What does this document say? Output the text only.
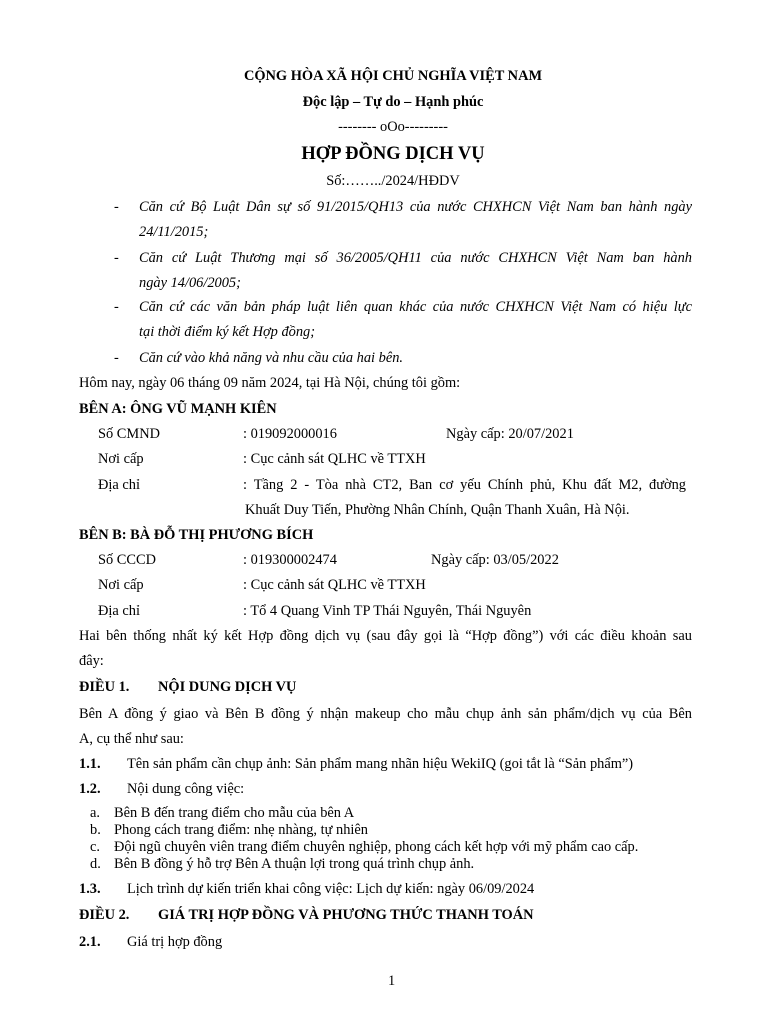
CỘNG HÒA XÃ HỘI CHỦ NGHĨA VIỆT NAM
Độc lập – Tự do – Hạnh phúc
-------- oOo---------
HỢP ĐỒNG DỊCH VỤ
Số:……../2024/HĐDV
- Căn cứ Bộ Luật Dân sự số 91/2015/QH13 của nước CHXHCN Việt Nam ban hành ngày
24/11/2015;
- Căn cứ Luật Thương mại số 36/2005/QH11 của nước CHXHCN Việt Nam ban hành
ngày 14/06/2005;
- Căn cứ các văn bản pháp luật liên quan khác của nước CHXHCN Việt Nam có hiệu lực
tại thời điểm ký kết Hợp đồng;
- Căn cứ vào khả năng và nhu cầu của hai bên.
Hôm nay, ngày 06 tháng 09 năm 2024, tại Hà Nội, chúng tôi gồm:
BÊN A: ÔNG VŨ MẠNH KIÊN
Số CMND	: 019092000016	Ngày cấp: 20/07/2021
Nơi cấp	: Cục cảnh sát QLHC về TTXH
Địa chỉ	: Tầng 2 - Tòa nhà CT2, Ban cơ yếu Chính phủ, Khu đất M2, đường
Khuất Duy Tiến, Phường Nhân Chính, Quận Thanh Xuân, Hà Nội.
BÊN B: BÀ ĐỖ THỊ PHƯƠNG BÍCH
Số CCCD	: 019300002474	Ngày cấp: 03/05/2022
Nơi cấp	: Cục cảnh sát QLHC về TTXH
Địa chỉ	: Tổ 4 Quang Vinh TP Thái Nguyên, Thái Nguyên
Hai bên thống nhất ký kết Hợp đồng dịch vụ (sau đây gọi là “Hợp đồng”) với các điều khoản sau
đây:
ĐIỀU 1. NỘI DUNG DỊCH VỤ
Bên A đồng ý giao và Bên B đồng ý nhận makeup cho mẫu chụp ảnh sản phẩm/dịch vụ của Bên
A, cụ thể như sau:
1.1. Tên sản phẩm cần chụp ảnh: Sản phẩm mang nhãn hiệu WekiIQ (goi tắt là “Sản phẩm”)
1.2. Nội dung công việc:
a. Bên B đến trang điểm cho mẫu của bên A
b. Phong cách trang điểm: nhẹ nhàng, tự nhiên
c. Đội ngũ chuyên viên trang điểm chuyên nghiệp, phong cách kết hợp với mỹ phẩm cao cấp.
d. Bên B đồng ý hỗ trợ Bên A thuận lợi trong quá trình chụp ảnh.
1.3. Lịch trình dự kiến triển khai công việc: Lịch dự kiến: ngày 06/09/2024
ĐIỀU 2. GIÁ TRỊ HỢP ĐỒNG VÀ PHƯƠNG THỨC THANH TOÁN
2.1. Giá trị hợp đồng
1
